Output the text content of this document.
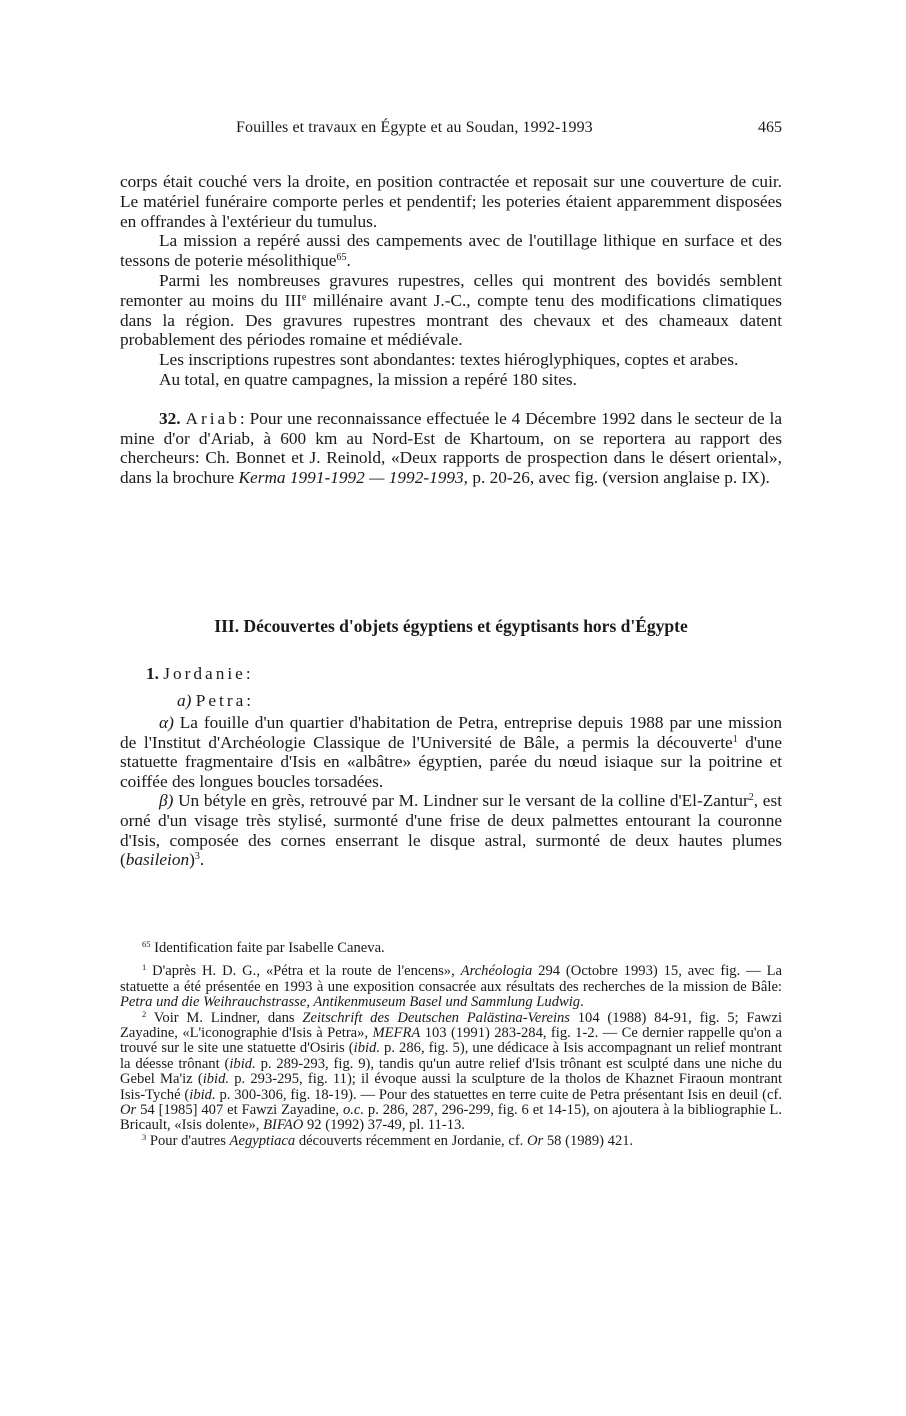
Fouilles et travaux en Égypte et au Soudan, 1992-1993	465

corps était couché vers la droite, en position contractée et reposait sur une couverture de cuir. Le matériel funéraire comporte perles et pendentif; les poteries étaient apparemment disposées en offrandes à l'extérieur du tumulus.

La mission a repéré aussi des campements avec de l'outillage lithique en surface et des tessons de poterie mésolithique$^{65}$.

Parmi les nombreuses gravures rupestres, celles qui montrent des bovidés semblent remonter au moins du IIIe millénaire avant J.-C., compte tenu des modifications climatiques dans la région. Des gravures rupestres montrant des chevaux et des chameaux datent probablement des périodes romaine et médiévale.

Les inscriptions rupestres sont abondantes: textes hiéroglyphiques, coptes et arabes.

Au total, en quatre campagnes, la mission a repéré 180 sites.

32. Ariab: Pour une reconnaissance effectuée le 4 Décembre 1992 dans le secteur de la mine d'or d'Ariab, à 600 km au Nord-Est de Khartoum, on se reportera au rapport des chercheurs: Ch. Bonnet et J. Reinold, «Deux rapports de prospection dans le désert oriental», dans la brochure Kerma 1991-1992 — 1992-1993, p. 20-26, avec fig. (version anglaise p. IX).

III. Découvertes d'objets égyptiens et égyptisants hors d'Égypte
1. Jordanie:
a) Petra:

α) La fouille d'un quartier d'habitation de Petra, entreprise depuis 1988 par une mission de l'Institut d'Archéologie Classique de l'Université de Bâle, a permis la découverte$^1$ d'une statuette fragmentaire d'Isis en «albâtre» égyptien, parée du nœud isiaque sur la poitrine et coiffée des longues boucles torsadées.

β) Un bétyle en grès, retrouvé par M. Lindner sur le versant de la colline d'El-Zantur$^2$, est orné d'un visage très stylisé, surmonté d'une frise de deux palmettes entourant la couronne d'Isis, composée des cornes enserrant le disque astral, surmonté de deux hautes plumes (basileion)$^3$.

$^{65}$ Identification faite par Isabelle Caneva.

$^1$ D'après H. D. G., «Pétra et la route de l'encens», Archéologia 294 (Octobre 1993) 15, avec fig. — La statuette a été présentée en 1993 à une exposition consacrée aux résultats des recherches de la mission de Bâle: Petra und die Weihrauchstrasse, Antikenmuseum Basel und Sammlung Ludwig.

$^2$ Voir M. Lindner, dans Zeitschrift des Deutschen Palästina-Vereins 104 (1988) 84-91, fig. 5; Fawzi Zayadine, «L'iconographie d'Isis à Petra», MEFRA 103 (1991) 283-284, fig. 1-2. — Ce dernier rappelle qu'on a trouvé sur le site une statuette d'Osiris (ibid. p. 286, fig. 5), une dédicace à Isis accompagnant un relief montrant la déesse trônant (ibid. p. 289-293, fig. 9), tandis qu'un autre relief d'Isis trônant est sculpté dans une niche du Gebel Ma'iz (ibid. p. 293-295, fig. 11); il évoque aussi la sculpture de la tholos de Khaznet Firaoun montrant Isis-Tyché (ibid. p. 300-306, fig. 18-19). — Pour des statuettes en terre cuite de Petra présentant Isis en deuil (cf. Or 54 [1985] 407 et Fawzi Zayadine, o.c. p. 286, 287, 296-299, fig. 6 et 14-15), on ajoutera à la bibliographie L. Bricault, «Isis dolente», BIFAO 92 (1992) 37-49, pl. 11-13.

$^3$ Pour d'autres Aegyptiaca découverts récemment en Jordanie, cf. Or 58 (1989) 421.
